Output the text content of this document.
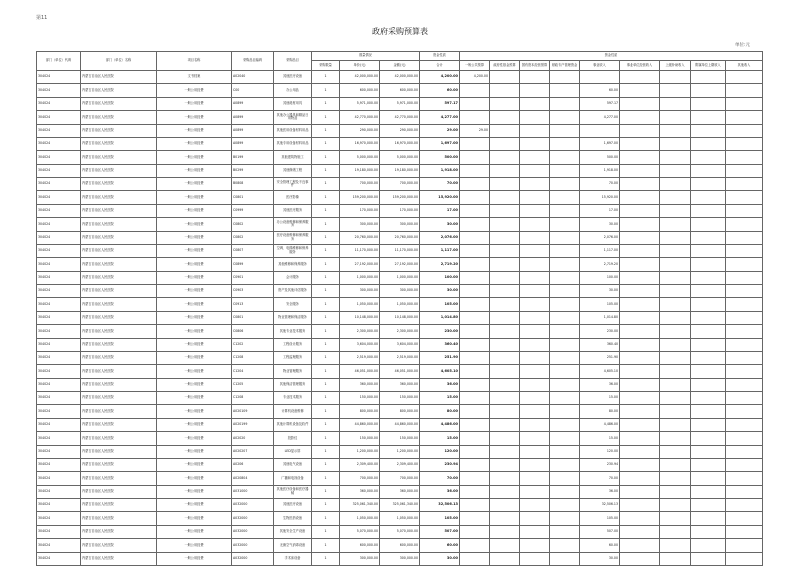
第11
政府采购预算表
单位:元
部门（单位）代码	部门（单位）名称	项目名称	采购品目编码	采购品目	数量情况			资金性质	资金性质								
					采购数量	单价(元)	金额(元)	合计	一般公共预算	政府性基金预算	国有资本经营预算	财政专户管理资金	事业收入	事业单位经营收入	上级补助收入	附属单位上缴收入	其他收入
304024	内蒙古自治区人民医院	文书档案	A02040	其他医疗设备	1	42,000,000.00	42,000,000.00	4,200.00	4,200.00								
304024	内蒙古自治区人民医院	一般公用经费	C00	办公用品	1	600,000.00	600,000.00	60.00					60.00				
304024	内蒙古自治区人民医院	一般公用经费	A0899	其他耗材用具	1	5,971,000.00	5,971,000.00	597.17					597.17				
304024	内蒙古自治区人民医院	一般公用经费	A0899	其他办公器具和精品日用物品	1	42,770,000.00	42,770,000.00	4,277.00					4,277.00				
304024	内蒙古自治区人民医院	一般公用经费	A0899	其他医用设备材料用品	1	290,000.00	290,000.00	29.00	29.00								
304024	内蒙古自治区人民医院	一般公用经费	A0899	其他专用设备材料用品	1	16,970,000.00	16,970,000.00	1,697.00					1,697.00				
304024	内蒙古自治区人民医院	一般公用经费	B0199	其他建筑物施工	1	5,000,000.00	5,000,000.00	500.00					500.00				
304024	内蒙古自治区人民医院	一般公用经费	B0299	其他修缮工程	1	19,180,000.00	19,180,000.00	1,918.00					1,918.00				
304024	内蒙古自治区人民医院	一般公用经费	B0808	安全管理工程及不良事件	1	700,000.00	700,000.00	70.00					70.00				
304024	内蒙古自治区人民医院	一般公用经费	C0801	医疗影像	1	159,200,000.00	159,200,000.00	15,920.00					15,920.00				
304024	内蒙古自治区人民医院	一般公用经费	C0999	其他医疗服务	1	170,000.00	170,000.00	17.00					17.00				
304024	内蒙古自治区人民医院	一般公用经费	C0802	办公设备维修和保养服务	1	300,000.00	300,000.00	30.00					30.00				
304024	内蒙古自治区人民医院	一般公用经费	C0802	医疗设备维修和保养服务	1	20,760,000.00	20,760,000.00	2,076.00					2,076.00				
304024	内蒙古自治区人民医院	一般公用经费	C0807	空调、电梯维修和保养服务	1	11,170,000.00	11,170,000.00	1,117.00					1,117.00				
304024	内蒙古自治区人民医院	一般公用经费	C0899	其他维修和保养服务	1	27,192,000.00	27,192,000.00	2,719.20					2,719.20				
304024	内蒙古自治区人民医院	一般公用经费	C0901	会计服务	1	1,000,000.00	1,000,000.00	100.00					100.00				
304024	内蒙古自治区人民医院	一般公用经费	C0903	资产及其他评估服务	1	300,000.00	300,000.00	30.00					30.00				
304024	内蒙古自治区人民医院	一般公用经费	C0913	安全服务	1	1,050,000.00	1,050,000.00	105.00					105.00				
304024	内蒙古自治区人民医院	一般公用经费	C0801	物业管理和保洁服务	1	10,148,000.00	10,148,000.00	1,014.80					1,014.80				
304024	内蒙古自治区人民医院	一般公用经费	C0806	其他专业技术服务	1	2,300,000.00	2,300,000.00	230.00					230.00				
304024	内蒙古自治区人民医院	一般公用经费	C1202	工程设计服务	1	3,604,000.00	3,604,000.00	360.40					360.40				
304024	内蒙古自治区人民医院	一般公用经费	C1208	工程监理服务	1	2,519,000.00	2,519,000.00	251.90					251.90				
304024	内蒙古自治区人民医院	一般公用经费	C1204	物业管理服务	1	46,051,000.00	46,051,000.00	4,605.10					4,605.10				
304024	内蒙古自治区人民医院	一般公用经费	C1205	其他保洁管理服务	1	360,000.00	360,000.00	36.00					36.00				
304024	内蒙古自治区人民医院	一般公用经费	C1208	专业技术服务	1	150,000.00	150,000.00	15.00					15.00				
304024	内蒙古自治区人民医院	一般公用经费	A020109	计算机设备维修	1	800,000.00	800,000.00	80.00					80.00				
304024	内蒙古自治区人民医院	一般公用经费	A020199	其他计算机设备及软件	1	44,860,000.00	44,860,000.00	4,486.00					4,486.00				
304024	内蒙古自治区人民医院	一般公用经费	A02020	投影仪	1	150,000.00	150,000.00	15.00					15.00				
304024	内蒙古自治区人民医院	一般公用经费	A020207	LED显示屏	1	1,200,000.00	1,200,000.00	120.00					120.00				
304024	内蒙古自治区人民医院	一般公用经费	A0206	其他电气设备	1	2,309,400.00	2,309,400.00	230.94					230.94				
304024	内蒙古自治区人民医院	一般公用经费	A020804	广播和电视设备	1	700,000.00	700,000.00	70.00					70.00				
304024	内蒙古自治区人民医院	一般公用经费	A031000	其他医疗设备和医疗器械	1	360,000.00	360,000.00	36.00					36.00				
304024	内蒙古自治区人民医院	一般公用经费	A032000	其他医疗设备	1	325,061,340.00	325,061,340.00	32,506.13					32,506.13				
304024	内蒙古自治区人民医院	一般公用经费	A032000	生物医药设备	1	1,050,000.00	1,050,000.00	105.00					105.00				
304024	内蒙古自治区人民医院	一般公用经费	A032000	其他安全生产设备	1	5,070,000.00	5,070,000.00	507.00					507.00				
304024	内蒙古自治区人民医院	一般公用经费	A032000	无菌空气消毒设备	1	600,000.00	600,000.00	60.00					60.00				
304024	内蒙古自治区人民医院	一般公用经费	A032000	手术床设备	1	300,000.00	300,000.00	30.00					30.00				
